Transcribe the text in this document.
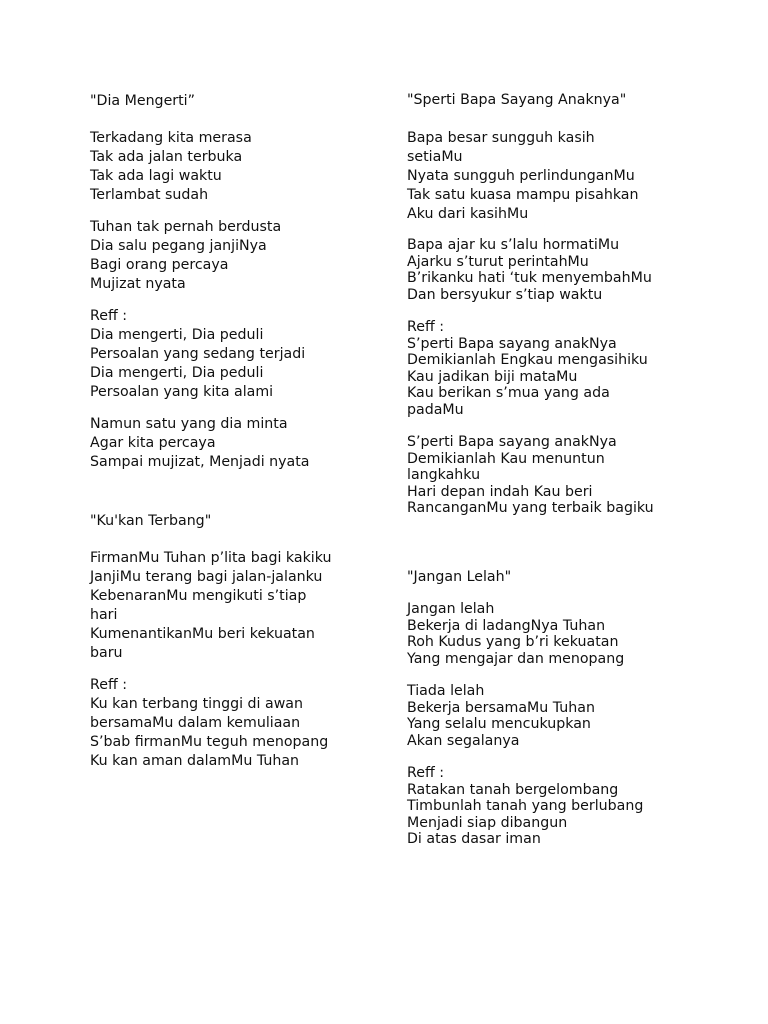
"Dia Mengerti”
Terkadang kita merasa
Tak ada jalan terbuka
Tak ada lagi waktu
Terlambat sudah
Tuhan tak pernah berdusta
Dia salu pegang janjiNya
Bagi orang percaya
Mujizat nyata
Reff :
Dia mengerti, Dia peduli
Persoalan yang sedang terjadi
Dia mengerti, Dia peduli
Persoalan yang kita alami
Namun satu yang dia minta
Agar kita percaya
Sampai mujizat, Menjadi nyata
"Ku'kan Terbang"
FirmanMu Tuhan p’lita bagi kakiku
JanjiMu terang bagi jalan-jalanku
KebenaranMu mengikuti s’tiap
hari
KumenantikanMu beri kekuatan
baru
Reff :
Ku kan terbang tinggi di awan
bersamaMu dalam kemuliaan
S’bab firmanMu teguh menopang
Ku kan aman dalamMu Tuhan
"Sperti Bapa Sayang Anaknya"
Bapa besar sungguh kasih
setiaMu
Nyata sungguh perlindunganMu
Tak satu kuasa mampu pisahkan
Aku dari kasihMu
Bapa ajar ku s’lalu hormatiMu
Ajarku s’turut perintahMu
B’rikanku hati ‘tuk menyembahMu
Dan bersyukur s’tiap waktu
Reff :
S’perti Bapa sayang anakNya
Demikianlah Engkau mengasihiku
Kau jadikan biji mataMu
Kau berikan s’mua yang ada
padaMu
S’perti Bapa sayang anakNya
Demikianlah Kau menuntun
langkahku
Hari depan indah Kau beri
RancanganMu yang terbaik bagiku
"Jangan Lelah"
Jangan lelah
Bekerja di ladangNya Tuhan
Roh Kudus yang b’ri kekuatan
Yang mengajar dan menopang
Tiada lelah
Bekerja bersamaMu Tuhan
Yang selalu mencukupkan
Akan segalanya
Reff :
Ratakan tanah bergelombang
Timbunlah tanah yang berlubang
Menjadi siap dibangun
Di atas dasar iman
